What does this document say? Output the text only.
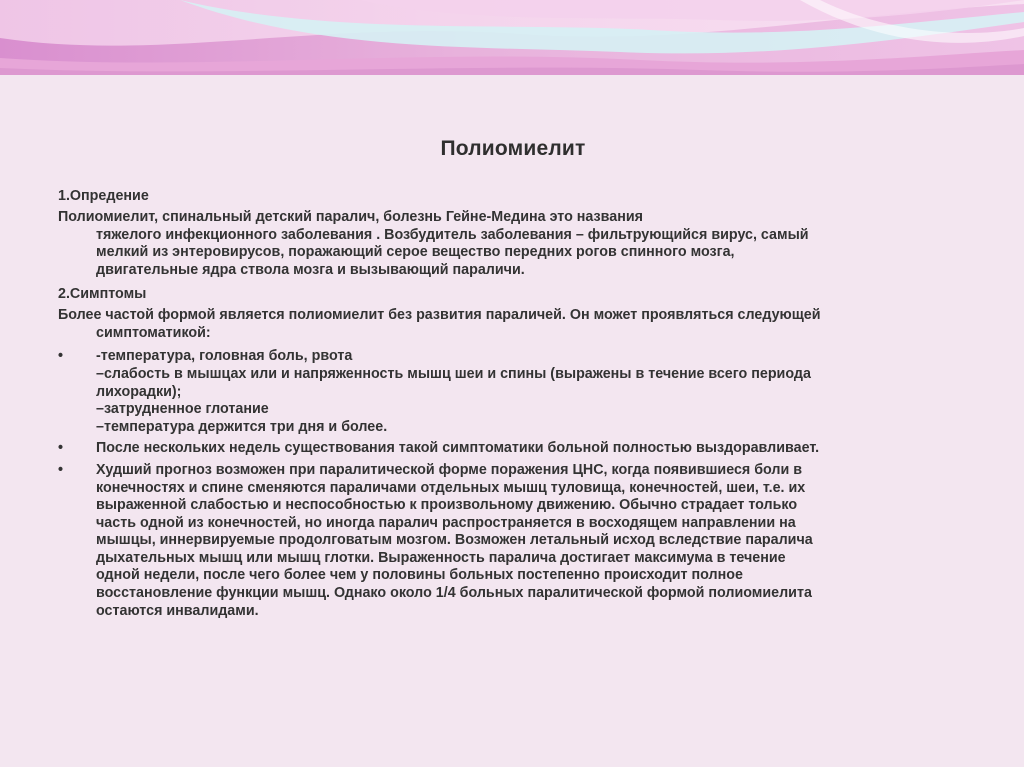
Полиомиелит
1.Опредение
Полиомиелит, спинальный детский паралич, болезнь Гейне-Медина это названия
тяжелого инфекционного заболевания . Возбудитель заболевания – фильтрующийся вирус, самый
мелкий из энтеровирусов, поражающий серое вещество передних рогов спинного мозга,
двигательные ядра ствола мозга и вызывающий параличи.
2.Симптомы
Более частой формой является полиомиелит без развития параличей. Он может проявляться следующей
симптоматикой:
•	-температура, головная боль, рвота
–слабость в мышцах или и напряженность мышц шеи и спины (выражены в течение всего периода
лихорадки);
–затрудненное глотание
–температура держится три дня и более.
•	После нескольких недель существования такой симптоматики больной полностью выздоравливает.
•	Худший прогноз возможен при паралитической форме поражения ЦНС, когда появившиеся боли в
конечностях и спине сменяются параличами отдельных мышц туловища, конечностей, шеи, т.е. их
выраженной слабостью и неспособностью к произвольному движению. Обычно страдает только
часть одной из конечностей, но иногда паралич распространяется в восходящем направлении на
мышцы, иннервируемые продолговатым мозгом. Возможен летальный исход вследствие паралича
дыхательных мышц или мышц глотки. Выраженность паралича достигает максимума в течение
одной недели, после чего более чем у половины больных постепенно происходит полное
восстановление функции мышц. Однако около 1/4 больных паралитической формой полиомиелита
остаются инвалидами.
